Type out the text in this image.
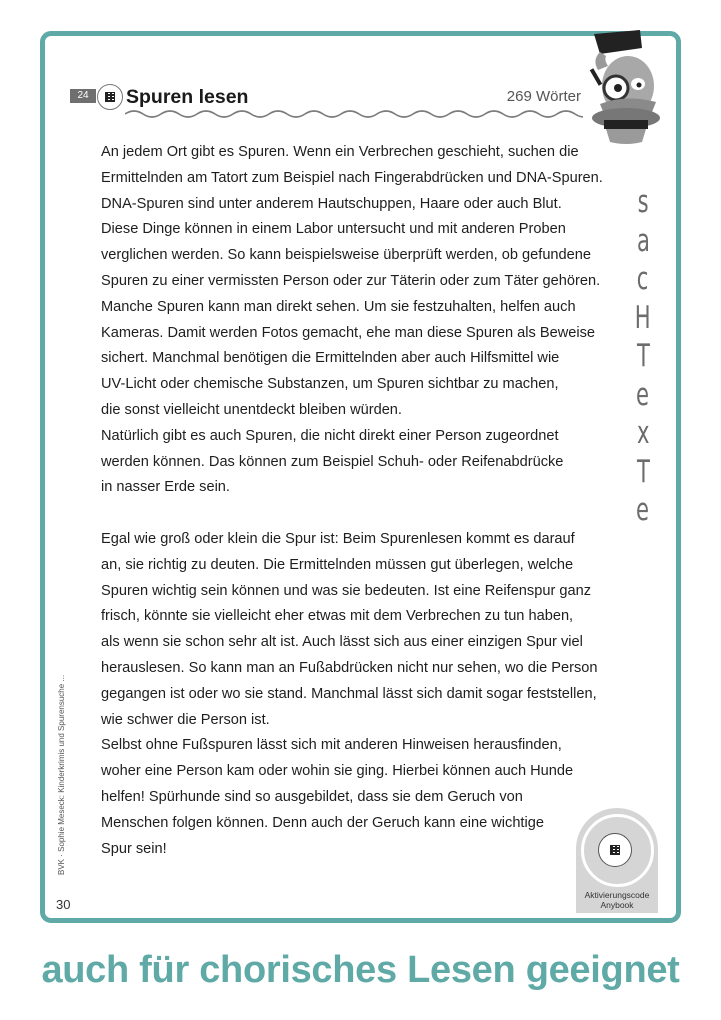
24	Spuren lesen	269 Wörter

An jedem Ort gibt es Spuren. Wenn ein Verbrechen geschieht, suchen die

Ermittelnden am Tatort zum Beispiel nach Fingerabdrücken und DNA-Spuren.

DNA-Spuren sind unter anderem Hautschuppen, Haare oder auch Blut.

Diese Dinge können in einem Labor untersucht und mit anderen Proben

verglichen werden. So kann beispielsweise überprüft werden, ob gefundene

Spuren zu einer vermissten Person oder zur Täterin oder zum Täter gehören.

Manche Spuren kann man direkt sehen. Um sie festzuhalten, helfen auch

Kameras. Damit werden Fotos gemacht, ehe man diese Spuren als Beweise

sichert. Manchmal benötigen die Ermittelnden aber auch Hilfsmittel wie

UV-Licht oder chemische Substanzen, um Spuren sichtbar zu machen,

die sonst vielleicht unentdeckt bleiben würden.

Natürlich gibt es auch Spuren, die nicht direkt einer Person zugeordnet

werden können. Das können zum Beispiel Schuh- oder Reifenabdrücke

in nasser Erde sein.

Egal wie groß oder klein die Spur ist: Beim Spurenlesen kommt es darauf

an, sie richtig zu deuten. Die Ermittelnden müssen gut überlegen, welche

Spuren wichtig sein können und was sie bedeuten. Ist eine Reifenspur ganz

frisch, könnte sie vielleicht eher etwas mit dem Verbrechen zu tun haben,

als wenn sie schon sehr alt ist. Auch lässt sich aus einer einzigen Spur viel

herauslesen. So kann man an Fußabdrücken nicht nur sehen, wo die Person

gegangen ist oder wo sie stand. Manchmal lässt sich damit sogar feststellen,

wie schwer die Person ist.

Selbst ohne Fußspuren lässt sich mit anderen Hinweisen herausfinden,

woher eine Person kam oder wohin sie ging. Hierbei können auch Hunde

helfen! Spürhunde sind so ausgebildet, dass sie dem Geruch von

Menschen folgen können. Denn auch der Geruch kann eine wichtige

Spur sein!

s
a
c
H
T
e
x
T
e
BVK · Sophie Meseck: Kinderkrimis und Spurensuche ...
30
Aktivierungscode
Anybook
auch für chorisches Lesen geeignet
